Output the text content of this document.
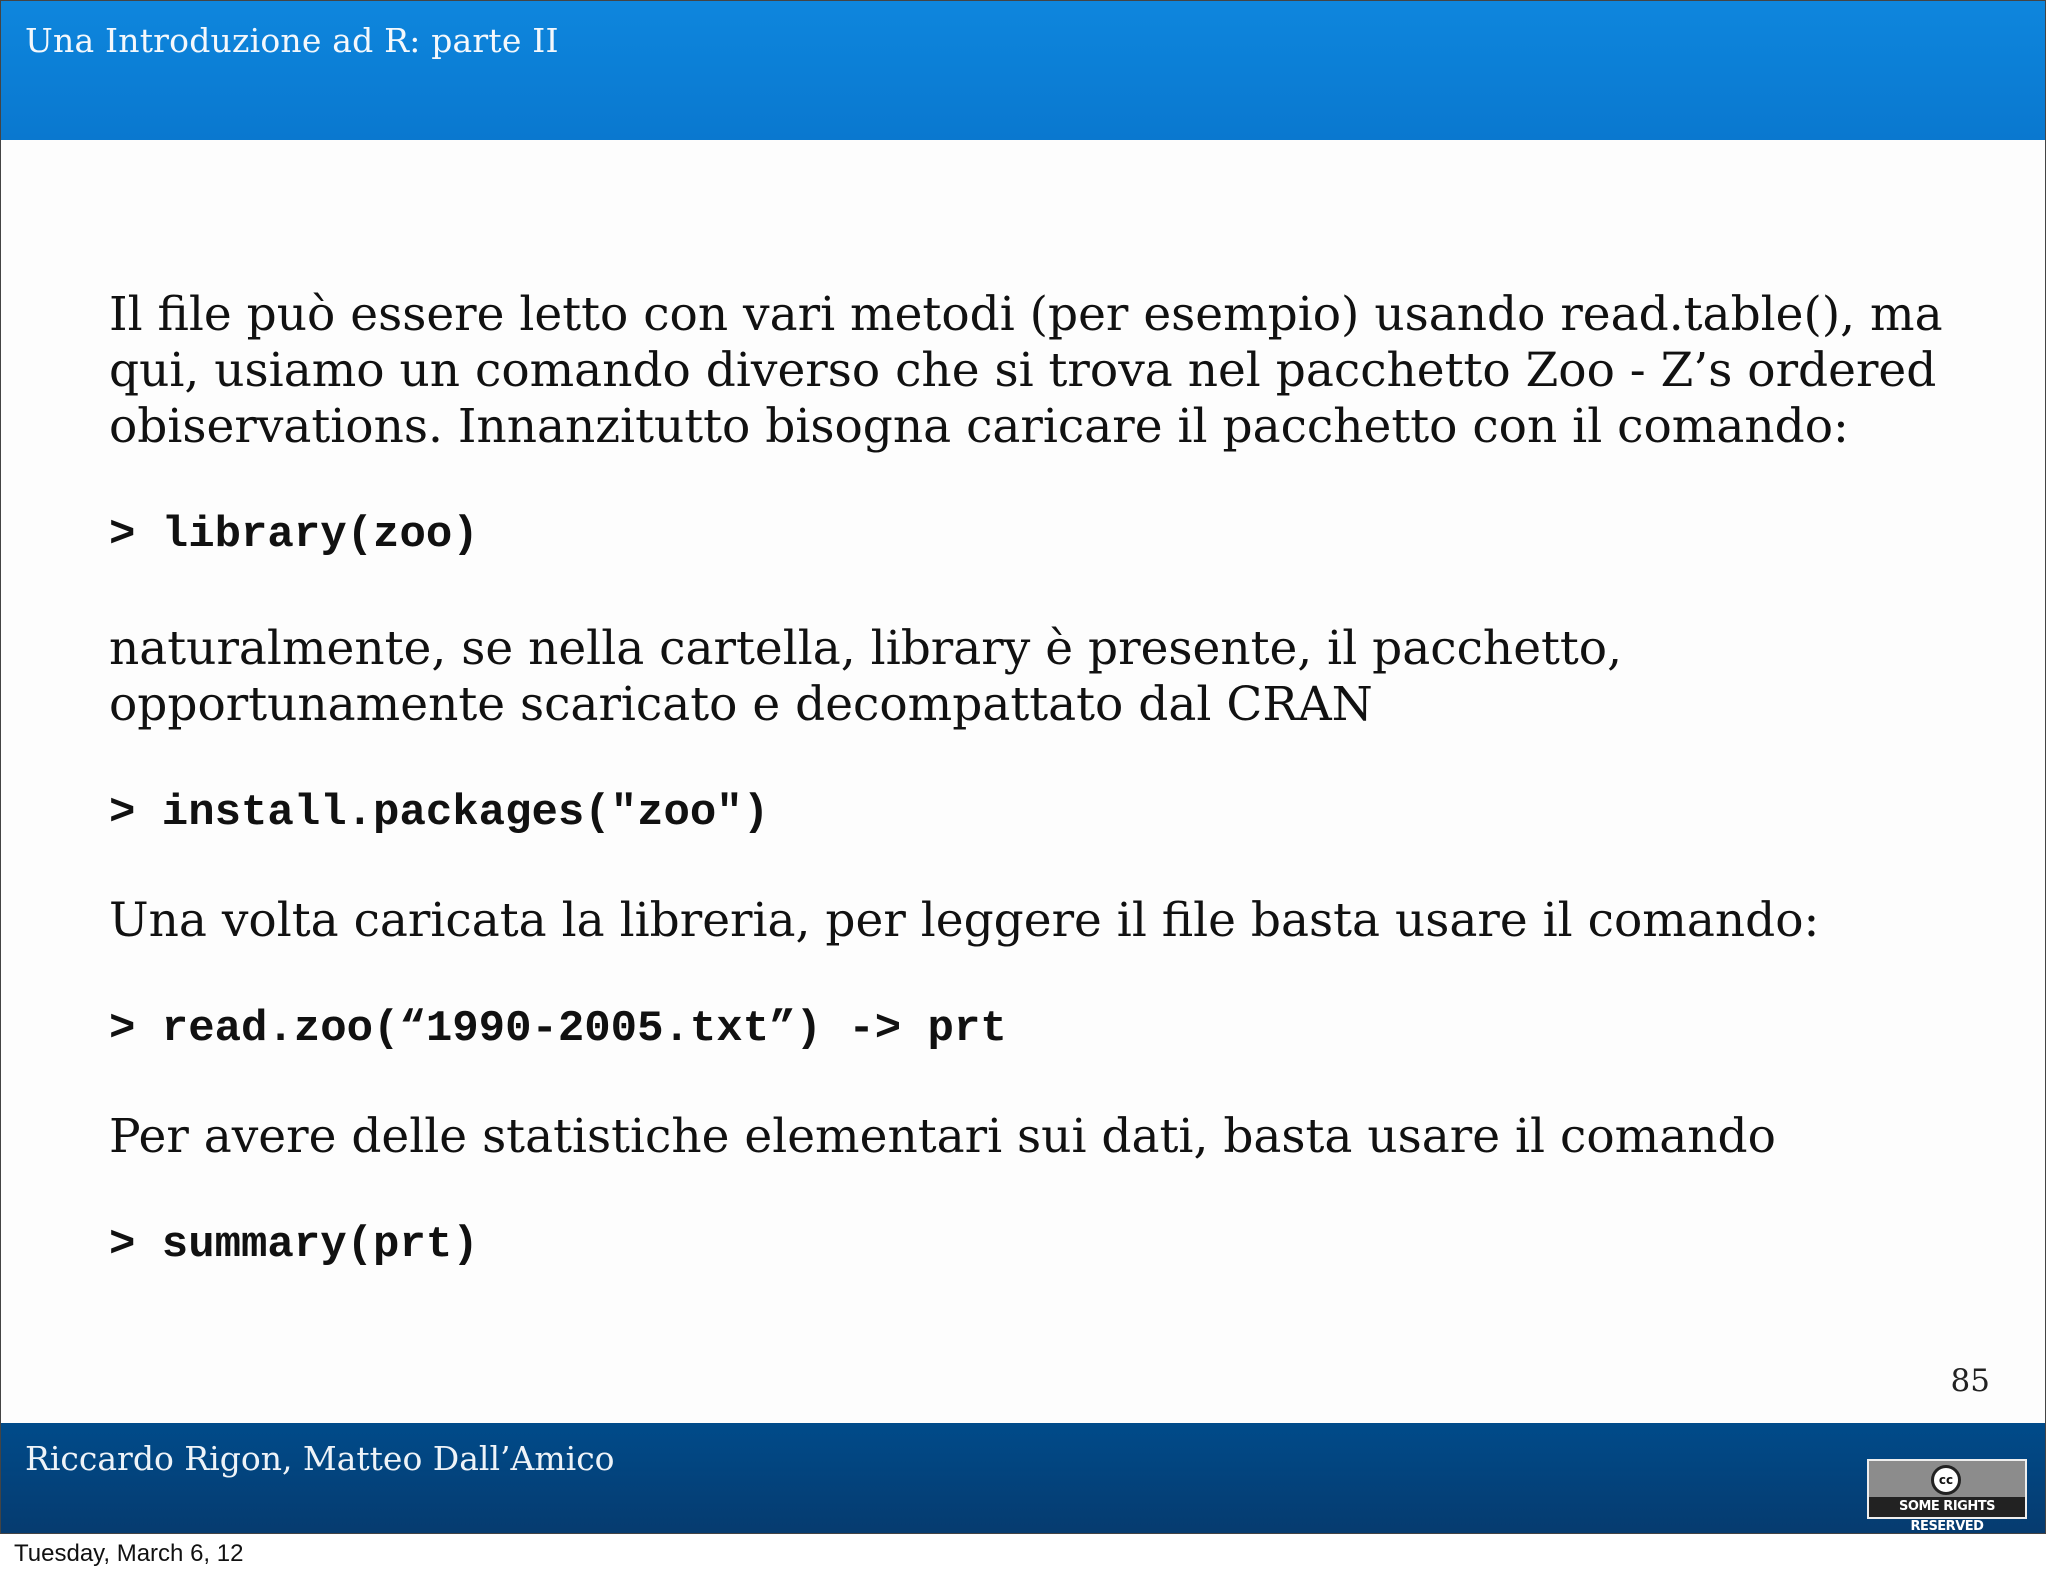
Una Introduzione ad R: parte II

Il file può essere letto con vari metodi (per esempio) usando read.table(), ma

qui, usiamo un comando diverso che si trova nel pacchetto Zoo - Z’s ordered

obiservations. Innanzitutto bisogna caricare il pacchetto con il comando:

> library(zoo)

naturalmente, se nella cartella, library è presente, il pacchetto,

opportunamente scaricato e decompattato dal CRAN

> install.packages("zoo")

Una volta caricata la libreria, per leggere il file basta usare il comando:

> read.zoo(“1990-2005.txt”) -> prt

Per avere delle statistiche elementari sui dati, basta usare il comando

> summary(prt)

85
Riccardo Rigon, Matteo Dall’Amico
cc
SOME RIGHTS RESERVED
Tuesday, March 6, 12
